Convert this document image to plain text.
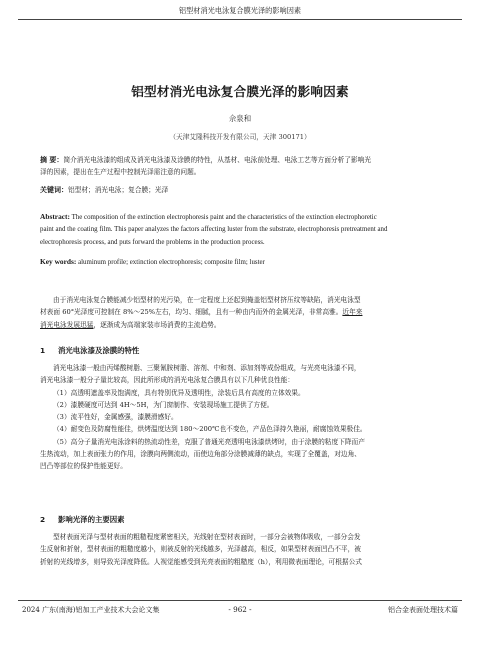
铝型材消光电泳复合膜光泽的影响因素
铝型材消光电泳复合膜光泽的影响因素
佘泉和
（天津艾隆科技开发有限公司，天津 300171）
摘 要：简介消光电泳漆的组成及消光电泳漆及涂膜的特性，从基材、电泳前处理、电泳工艺等方面分析了影响光
泽的因素，提出在生产过程中控制光泽需注意的问题。
关键词：铝型材；消光电泳；复合膜；光泽
Abstract: The composition of the extinction electrophoresis paint and the characteristics of the extinction electrophoretic
paint and the coating film. This paper analyzes the factors affecting luster from the substrate, electrophoresis pretreatment and
electrophoresis process, and puts forward the problems in the production process.
Key words: aluminum profile; extinction electrophoresis; composite film; luster
由于消光电泳复合膜能减少铝型材的光污染，在一定程度上还起到掩盖铝型材挤压纹等缺陷，消光电泳型
材表面 60°光泽度可控制在 8%～25%左右，均匀、细腻，且有一种由内而外的金属光泽，非常高雅。近年来
消光电泳发展迅猛，逐渐成为高端家装市场消费的主流趋势。
1 消光电泳漆及涂膜的特性
消光电泳漆一般由丙烯酸树脂、三聚氰胺树脂、溶剂、中和剂、添加剂等成份组成，与光亮电泳漆不同，
消光电泳漆一般分子量比较高，因此所形成的消光电泳复合膜具有以下几种优良性能：
（1）高透明遮盖率及饱满度，具有特别优异及透明性，涂装后具有高度的立体效果。
（2）漆膜硬度可达到 4H～5H，为门窗制作、安装现场施工提供了方便。
（3）流平性好，金属感强，漆膜滑感好。
（4）耐变色及防腐性能佳，烘烤温度达到 180～200℃也不变色，产品色泽持久艳丽，耐腐蚀效果极佳。
（5）高分子量消光电泳涂料的热流动性差，克服了普通光亮透明电泳漆烘烤时，由于涂膜的粘度下降而产
生热流动，加上表面张力的作用，涂膜向两侧流动，而使边角部分涂膜减薄的缺点，实现了全覆盖，对边角、
凹凸等部位的保护性能更好。
2 影响光泽的主要因素
型材表面光泽与型材表面的粗糙程度紧密相关，光线射在型材表面时，一部分会被物体吸收，一部分会发
生反射和折射，型材表面的粗糙度越小，则被反射的光线越多，光泽越高，相反，如果型材表面凹凸不平，被
折射的光线增多，则导致光泽度降低。人视觉能感受到光亮表面的粗糙度（h），利用微表面理论，可根据公式
2024 广东(南海)铝加工产业技术大会论文集	- 962 -	铝合金表面处理技术篇
